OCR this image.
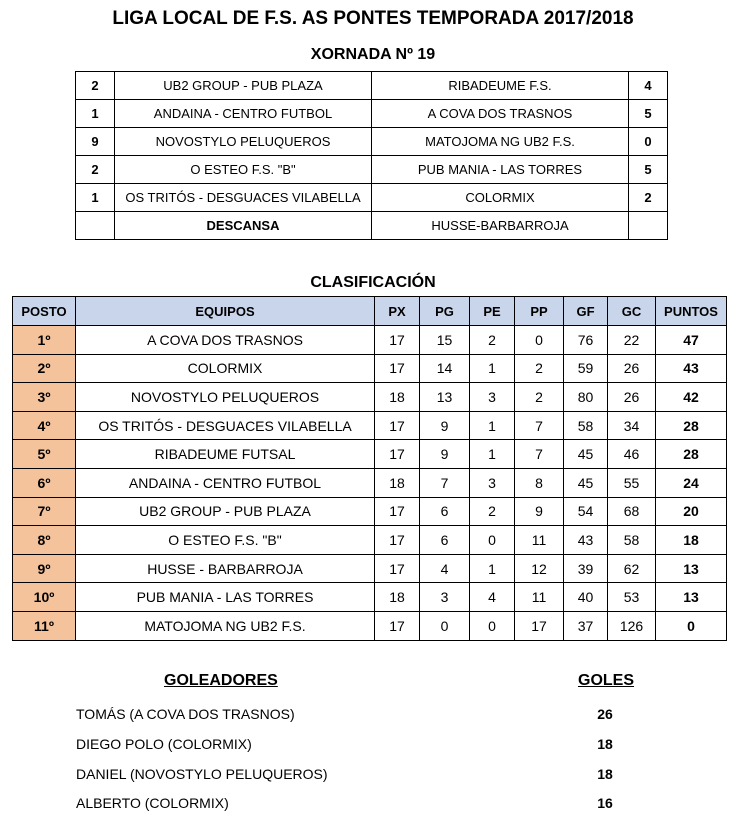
LIGA LOCAL DE F.S. AS PONTES TEMPORADA 2017/2018
XORNADA Nº 19
2	UB2 GROUP - PUB PLAZA	RIBADEUME F.S.	4
1	ANDAINA - CENTRO FUTBOL	A COVA DOS TRASNOS	5
9	NOVOSTYLO PELUQUEROS	MATOJOMA NG UB2 F.S.	0
2	O ESTEO F.S. "B"	PUB MANIA - LAS TORRES	5
1	OS TRITÓS - DESGUACES VILABELLA	COLORMIX	2
	DESCANSA	HUSSE-BARBARROJA	
CLASIFICACIÓN
POSTO	EQUIPOS	PX	PG	PE	PP	GF	GC	PUNTOS
1º	A COVA DOS TRASNOS	17	15	2	0	76	22	47
2º	COLORMIX	17	14	1	2	59	26	43
3º	NOVOSTYLO PELUQUEROS	18	13	3	2	80	26	42
4º	OS TRITÓS - DESGUACES VILABELLA	17	9	1	7	58	34	28
5º	RIBADEUME FUTSAL	17	9	1	7	45	46	28
6º	ANDAINA - CENTRO FUTBOL	18	7	3	8	45	55	24
7º	UB2 GROUP - PUB PLAZA	17	6	2	9	54	68	20
8º	O ESTEO F.S. "B"	17	6	0	11	43	58	18
9º	HUSSE - BARBARROJA	17	4	1	12	39	62	13
10º	PUB MANIA - LAS TORRES	18	3	4	11	40	53	13
11º	MATOJOMA NG UB2 F.S.	17	0	0	17	37	126	0
GOLEADORES	GOLES
TOMÁS (A COVA DOS TRASNOS)	26
DIEGO POLO (COLORMIX)	18
DANIEL (NOVOSTYLO PELUQUEROS)	18
ALBERTO (COLORMIX)	16
